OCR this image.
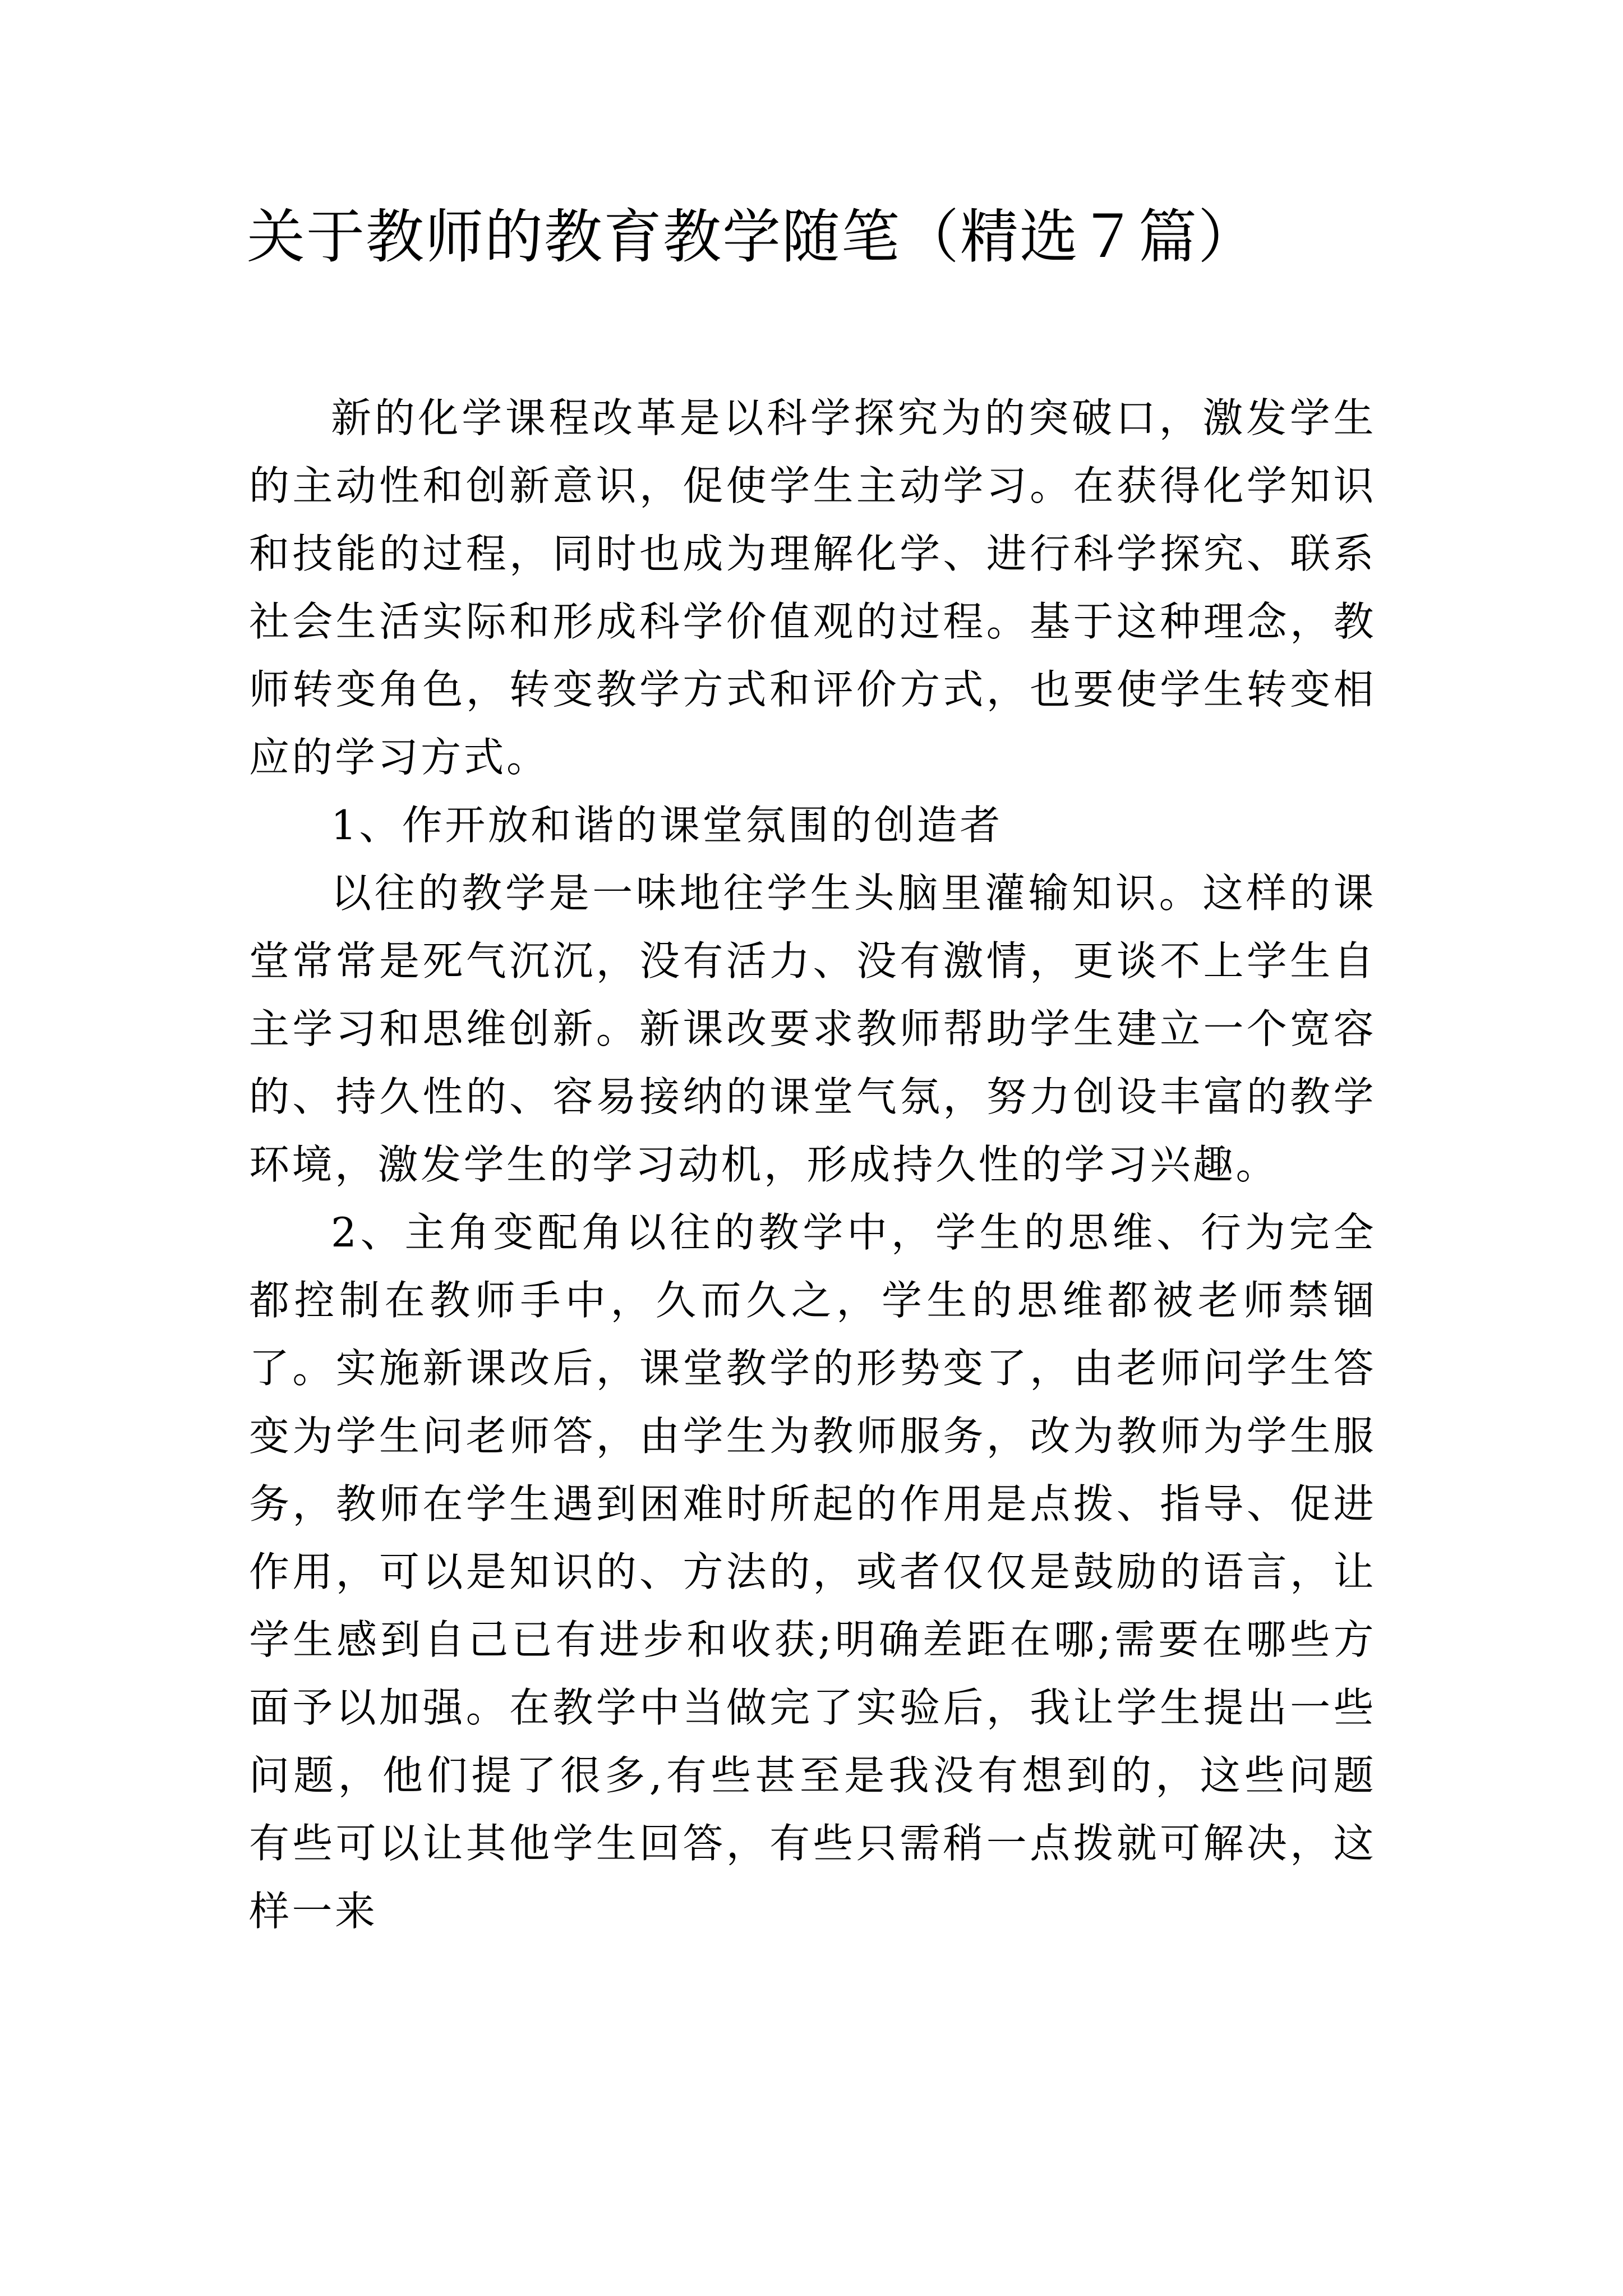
关于教师的教育教学随笔（精选７篇）

新的化学课程改革是以科学探究为的突破口，激发学生的主动性和创新意识，促使学生主动学习。在获得化学知识和技能的过程，同时也成为理解化学、进行科学探究、联系社会生活实际和形成科学价值观的过程。基于这种理念，教师转变角色，转变教学方式和评价方式，也要使学生转变相应的学习方式。

1、作开放和谐的课堂氛围的创造者

以往的教学是一味地往学生头脑里灌输知识。这样的课堂常常是死气沉沉，没有活力、没有激情，更谈不上学生自主学习和思维创新。新课改要求教师帮助学生建立一个宽容的、持久性的、容易接纳的课堂气氛，努力创设丰富的教学环境，激发学生的学习动机，形成持久性的学习兴趣。

2、主角变配角以往的教学中，学生的思维、行为完全都控制在教师手中，久而久之，学生的思维都被老师禁锢了。实施新课改后，课堂教学的形势变了，由老师问学生答变为学生问老师答，由学生为教师服务，改为教师为学生服务，教师在学生遇到困难时所起的作用是点拨、指导、促进作用，可以是知识的、方法的，或者仅仅是鼓励的语言，让学生感到自己已有进步和收获;明确差距在哪;需要在哪些方面予以加强。在教学中当做完了实验后，我让学生提出一些问题，他们提了很多,有些甚至是我没有想到的，这些问题有些可以让其他学生回答，有些只需稍一点拨就可解决，这样一来
